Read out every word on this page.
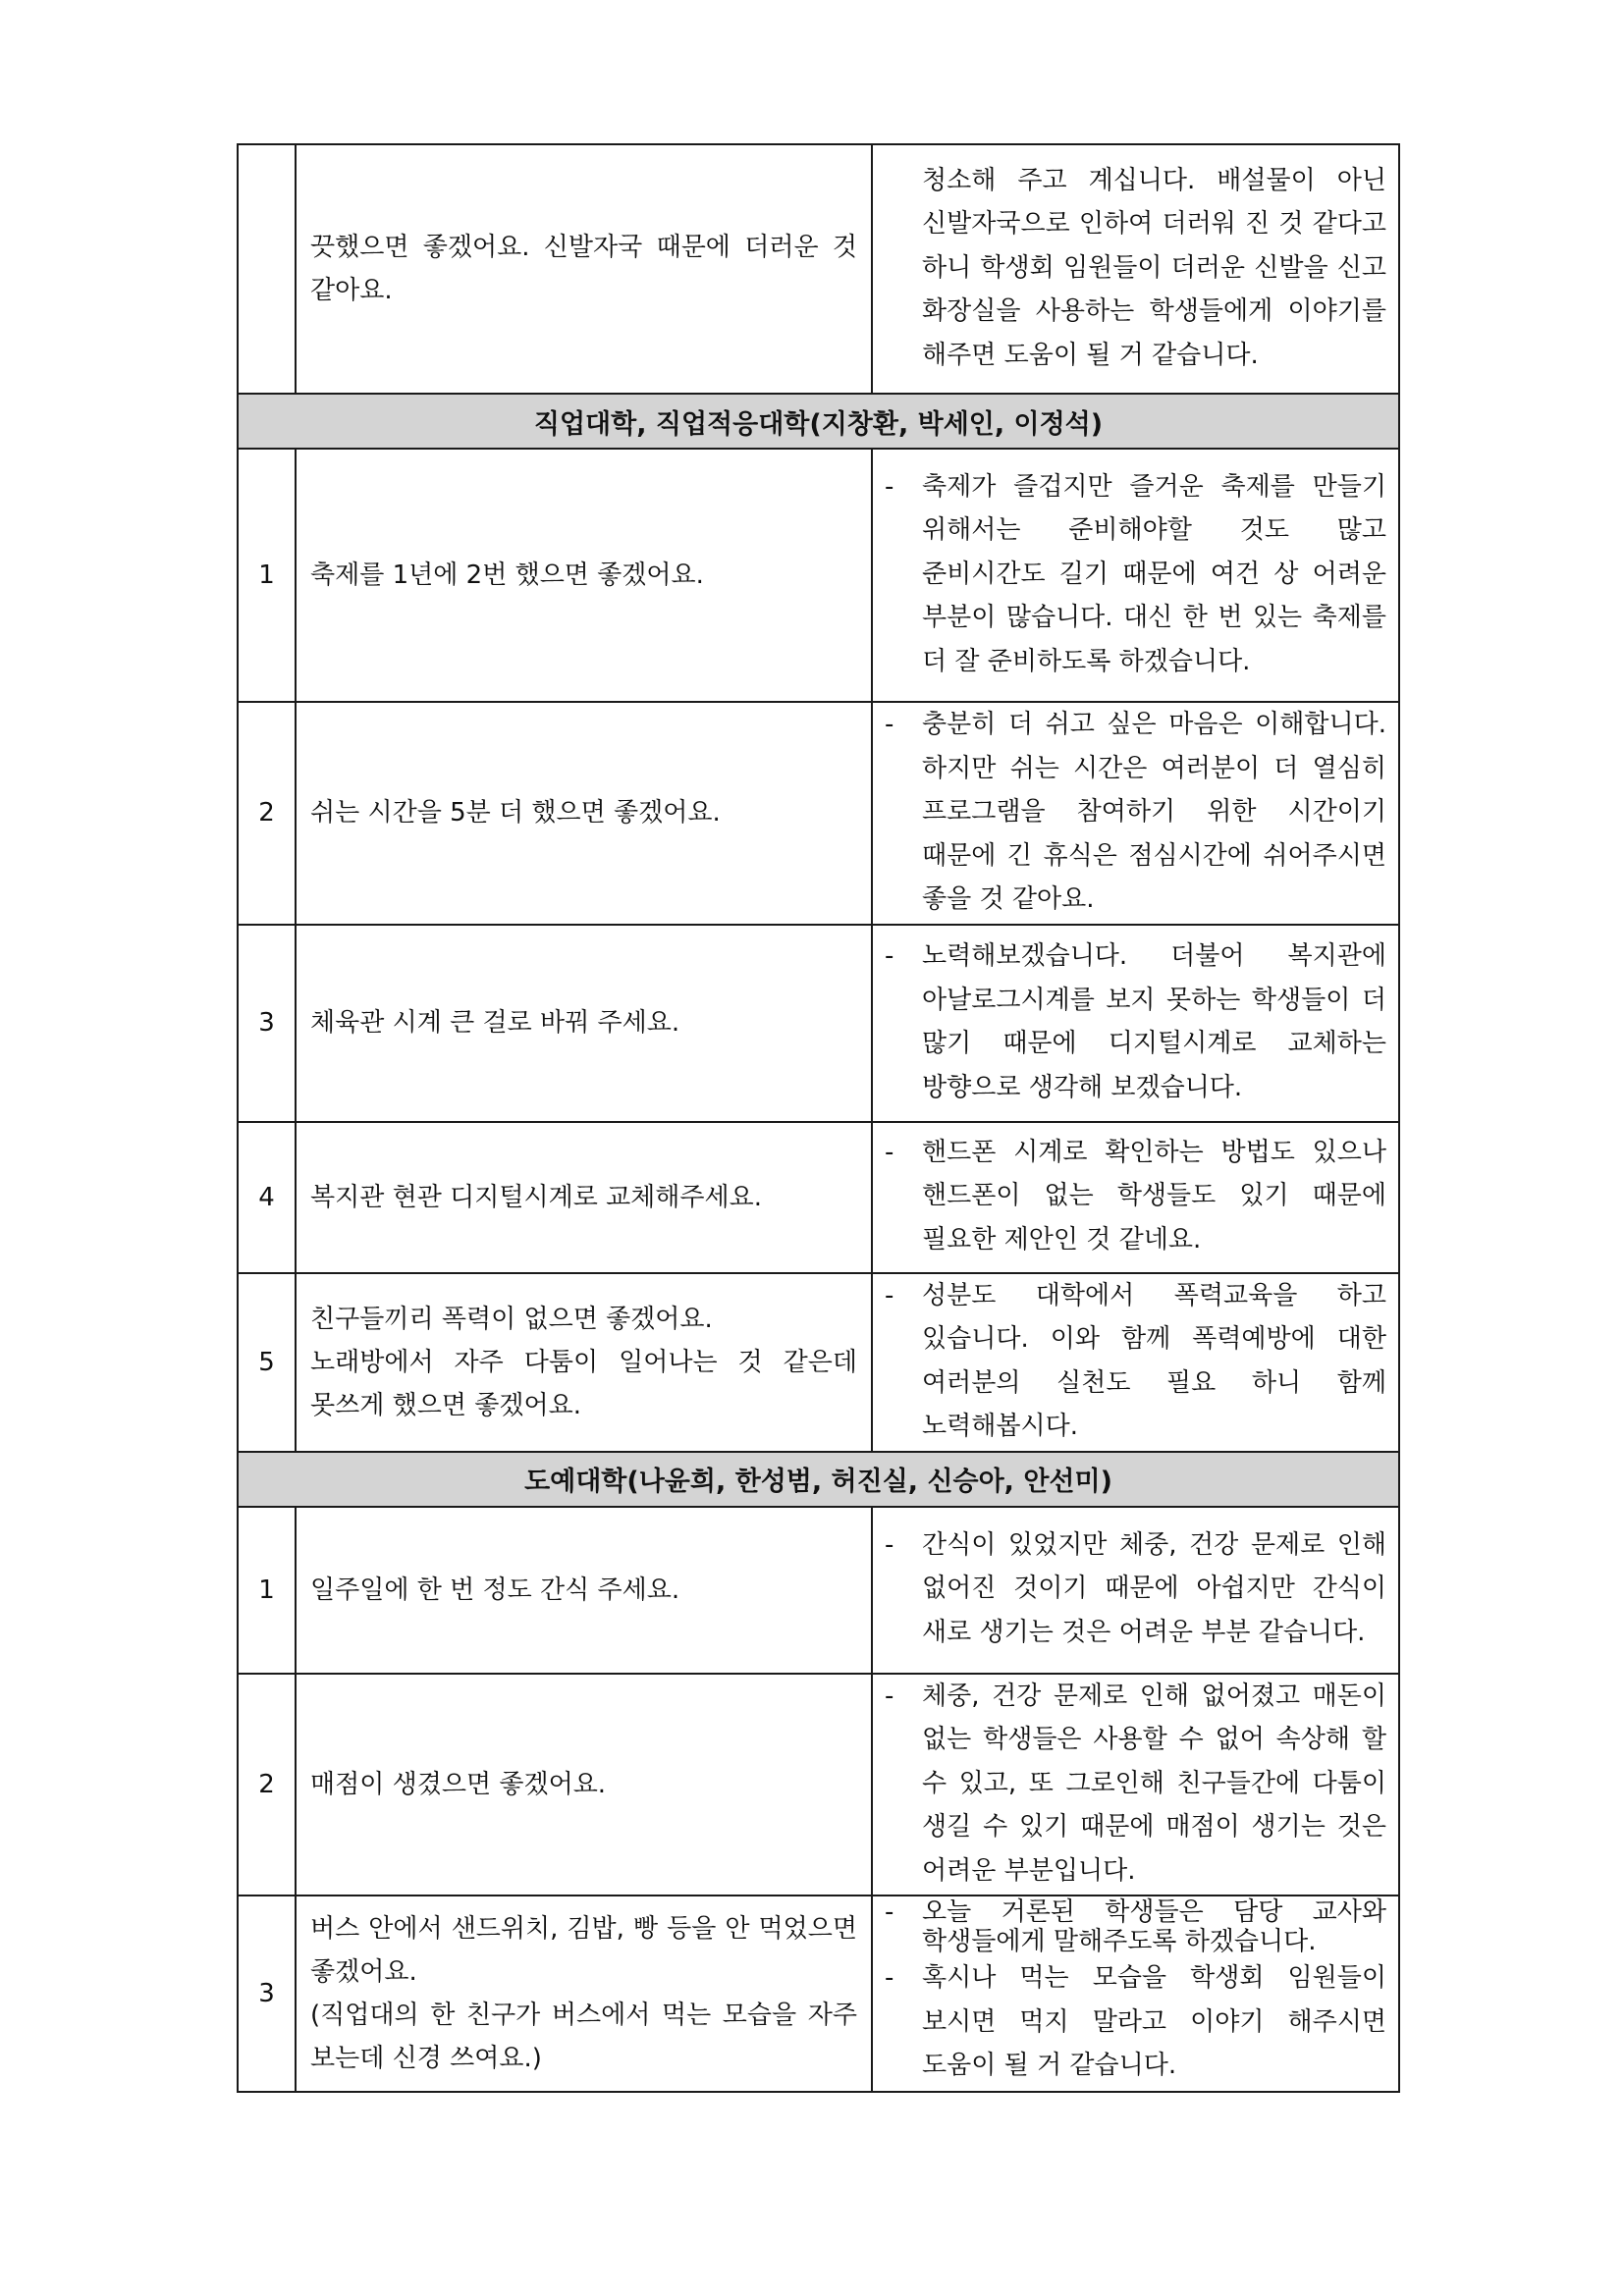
	끗했으면 좋겠어요. 신발자국 때문에 더러운 것 같아요.	청소해 주고 계십니다. 배설물이 아닌 신발자국으로 인하여 더러워 진 것 같다고 하니 학생회 임원들이 더러운 신발을 신고 화장실을 사용하는 학생들에게 이야기를 해주면 도움이 될 거 같습니다.

직업대학, 직업적응대학(지창환, 박세인, 이정석)		
1	축제를 1년에 2번 했으면 좋겠어요.	- 축제가 즐겁지만 즐거운 축제를 만들기 위해서는 준비해야할 것도 많고 준비시간도 길기 때문에 여건 상 어려운 부분이 많습니다. 대신 한 번 있는 축제를 더 잘 준비하도록 하겠습니다.

2	쉬는 시간을 5분 더 했으면 좋겠어요.	- 충분히 더 쉬고 싶은 마음은 이해합니다. 하지만 쉬는 시간은 여러분이 더 열심히 프로그램을 참여하기 위한 시간이기 때문에 긴 휴식은 점심시간에 쉬어주시면 좋을 것 같아요.

3	체육관 시계 큰 걸로 바꿔 주세요.	- 노력해보겠습니다. 더불어 복지관에 아날로그시계를 보지 못하는 학생들이 더 많기 때문에 디지털시계로 교체하는 방향으로 생각해 보겠습니다.

4	복지관 현관 디지털시계로 교체해주세요.	- 핸드폰 시계로 확인하는 방법도 있으나 핸드폰이 없는 학생들도 있기 때문에 필요한 제안인 것 같네요.

5	친구들끼리 폭력이 없으면 좋겠어요.
노래방에서 자주 다툼이 일어나는 것 같은데 못쓰게 했으면 좋겠어요.	- 성분도 대학에서 폭력교육을 하고 있습니다. 이와 함께 폭력예방에 대한 여러분의 실천도 필요 하니 함께 노력해봅시다.

도예대학(나윤희, 한성범, 허진실, 신승아, 안선미)		
1	일주일에 한 번 정도 간식 주세요.	- 간식이 있었지만 체중, 건강 문제로 인해 없어진 것이기 때문에 아쉽지만 간식이 새로 생기는 것은 어려운 부분 같습니다.

2	매점이 생겼으면 좋겠어요.	- 체중, 건강 문제로 인해 없어졌고 매돈이 없는 학생들은 사용할 수 없어 속상해 할 수 있고, 또 그로인해 친구들간에 다툼이 생길 수 있기 때문에 매점이 생기는 것은 어려운 부분입니다.

3	버스 안에서 샌드위치, 김밥, 빵 등을 안 먹었으면 좋겠어요.
(직업대의 한 친구가 버스에서 먹는 모습을 자주 보는데 신경 쓰여요.)	- 오늘 거론된 학생들은 담당 교사와 학생들에게 말해주도록 하겠습니다.
- 혹시나 먹는 모습을 학생회 임원들이 보시면 먹지 말라고 이야기 해주시면 도움이 될 거 같습니다.
